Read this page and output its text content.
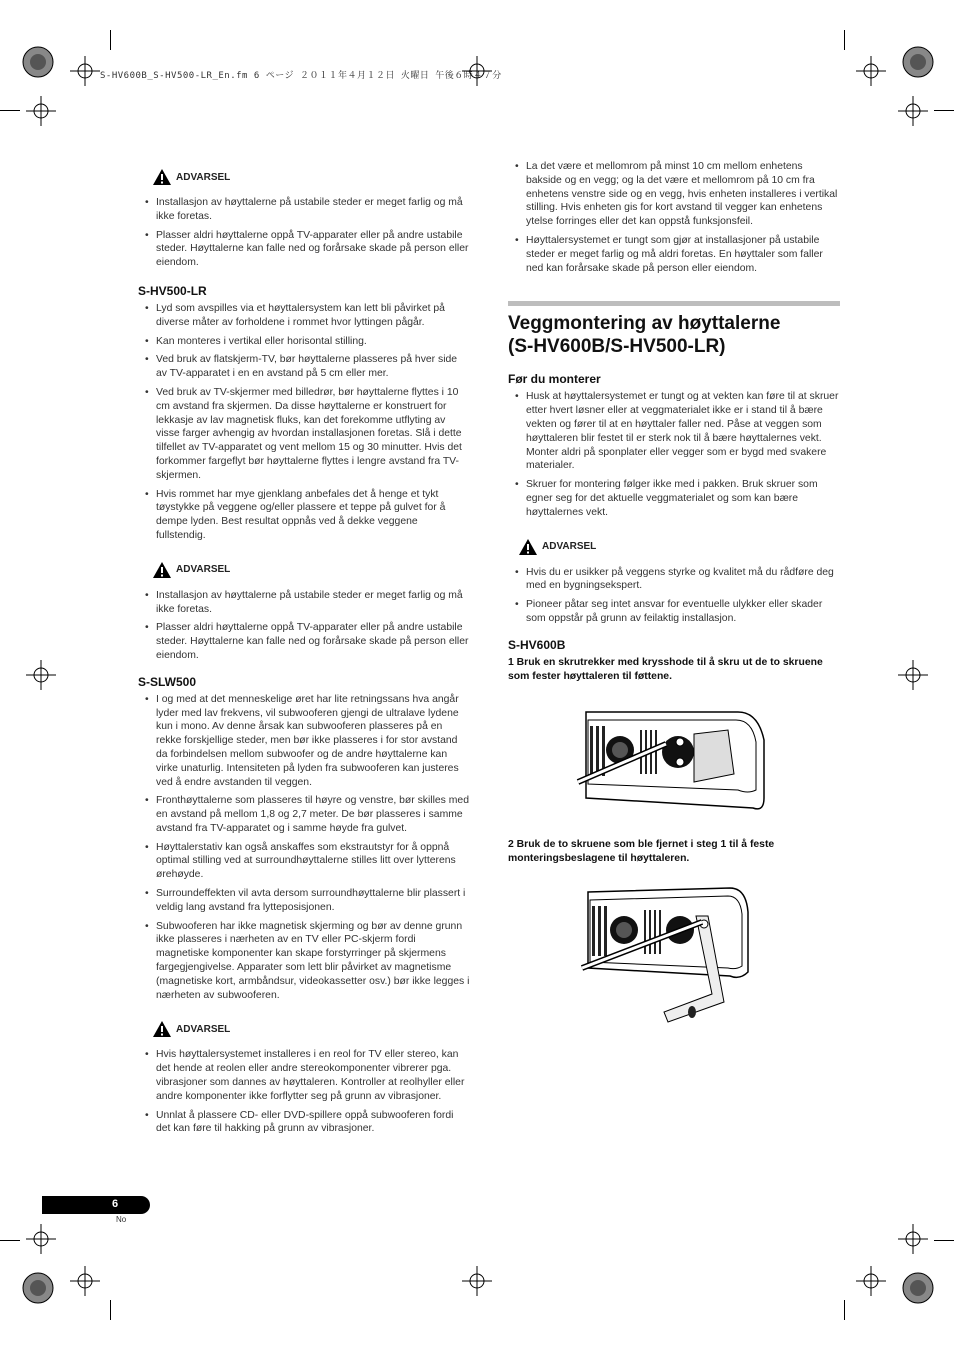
S-HV600B_S-HV500-LR_En.fm 6 ページ ２０１１年４月１２日 火曜日 午後６時４７分
ADVARSEL
• Installasjon av høyttalerne på ustabile steder er meget farlig og må ikke foretas.
• Plasser aldri høyttalerne oppå TV-apparater eller på andre ustabile steder. Høyttalerne kan falle ned og forårsake skade på person eller eiendom.
S-HV500-LR
• Lyd som avspilles via et høyttalersystem kan lett bli påvirket på diverse måter av forholdene i rommet hvor lyttingen pågår.
• Kan monteres i vertikal eller horisontal stilling.
• Ved bruk av flatskjerm-TV, bør høyttalerne plasseres på hver side av TV-apparatet i en en avstand på 5 cm eller mer.
• Ved bruk av TV-skjermer med billedrør, bør høyttalerne flyttes i 10 cm avstand fra skjermen. Da disse høyttalerne er konstruert for lekkasje av lav magnetisk fluks, kan det forekomme utflyting av visse farger avhengig av hvordan installasjonen foretas. Slå i dette tilfellet av TV-apparatet og vent mellom 15 og 30 minutter. Hvis det forkommer fargeflyt bør høyttalerne flyttes i lengre avstand fra TV-skjermen.
• Hvis rommet har mye gjenklang anbefales det å henge et tykt tøystykke på veggene og/eller plassere et teppe på gulvet for å dempe lyden. Best resultat oppnås ved å dekke veggene fullstendig.
ADVARSEL
• Installasjon av høyttalerne på ustabile steder er meget farlig og må ikke foretas.
• Plasser aldri høyttalerne oppå TV-apparater eller på andre ustabile steder. Høyttalerne kan falle ned og forårsake skade på person eller eiendom.
S-SLW500
• I og med at det menneskelige øret har lite retningssans hva angår lyder med lav frekvens, vil subwooferen gjengi de ultralave lydene kun i mono. Av denne årsak kan subwooferen plasseres på en rekke forskjellige steder, men bør ikke plasseres i for stor avstand da forbindelsen mellom subwoofer og de andre høyttalerne kan virke unaturlig. Intensiteten på lyden fra subwooferen kan justeres ved å endre avstanden til veggen.
• Fronthøyttalerne som plasseres til høyre og venstre, bør skilles med en avstand på mellom 1,8 og 2,7 meter. De bør plasseres i samme avstand fra TV-apparatet og i samme høyde fra gulvet.
• Høyttalerstativ kan også anskaffes som ekstrautstyr for å oppnå optimal stilling ved at surroundhøyttalerne stilles litt over lytterens ørehøyde.
• Surroundeffekten vil avta dersom surroundhøyttalerne blir plassert i veldig lang avstand fra lytteposisjonen.
• Subwooferen har ikke magnetisk skjerming og bør av denne grunn ikke plasseres i nærheten av en TV eller PC-skjerm fordi magnetiske komponenter kan skape forstyrringer på skjermens fargegjengivelse. Apparater som lett blir påvirket av magnetisme (magnetiske kort, armbåndsur, videokassetter osv.) bør ikke legges i nærheten av subwooferen.
ADVARSEL
• Hvis høyttalersystemet installeres i en reol for TV eller stereo, kan det hende at reolen eller andre stereokomponenter vibrerer pga. vibrasjoner som dannes av høyttaleren. Kontroller at reolhyller eller andre komponenter ikke forflytter seg på grunn av vibrasjoner.
• Unnlat å plassere CD- eller DVD-spillere oppå subwooferen fordi det kan føre til hakking på grunn av vibrasjoner.
• La det være et mellomrom på minst 10 cm mellom enhetens bakside og en vegg; og la det være et mellomrom på 10 cm fra enhetens venstre side og en vegg, hvis enheten installeres i vertikal stilling. Hvis enheten gis for kort avstand til vegger kan enhetens ytelse forringes eller det kan oppstå funksjonsfeil.
• Høyttalersystemet er tungt som gjør at installasjoner på ustabile steder er meget farlig og må aldri foretas. En høyttaler som faller ned kan forårsake skade på person eller eiendom.
Veggmontering av høyttalerne
(S-HV600B/S-HV500-LR)
Før du monterer
• Husk at høyttalersystemet er tungt og at vekten kan føre til at skruer etter hvert løsner eller at veggmaterialet ikke er i stand til å bære vekten og fører til at en høyttaler faller ned. Påse at veggen som høyttaleren blir festet til er sterk nok til å bære høyttalernes vekt. Monter aldri på sponplater eller vegger som er bygd med svakere materialer.
• Skruer for montering følger ikke med i pakken. Bruk skruer som egner seg for det aktuelle veggmaterialet og som kan bære høyttalernes vekt.
ADVARSEL
• Hvis du er usikker på veggens styrke og kvalitet må du rådføre deg med en bygningsekspert.
• Pioneer påtar seg intet ansvar for eventuelle ulykker eller skader som oppstår på grunn av feilaktig installasjon.
S-HV600B

1 Bruk en skrutrekker med krysshode til å skru ut de to skruene som fester høyttaleren til føttene.

2 Bruk de to skruene som ble fjernet i steg 1 til å feste monteringsbeslagene til høyttaleren.

6
No
